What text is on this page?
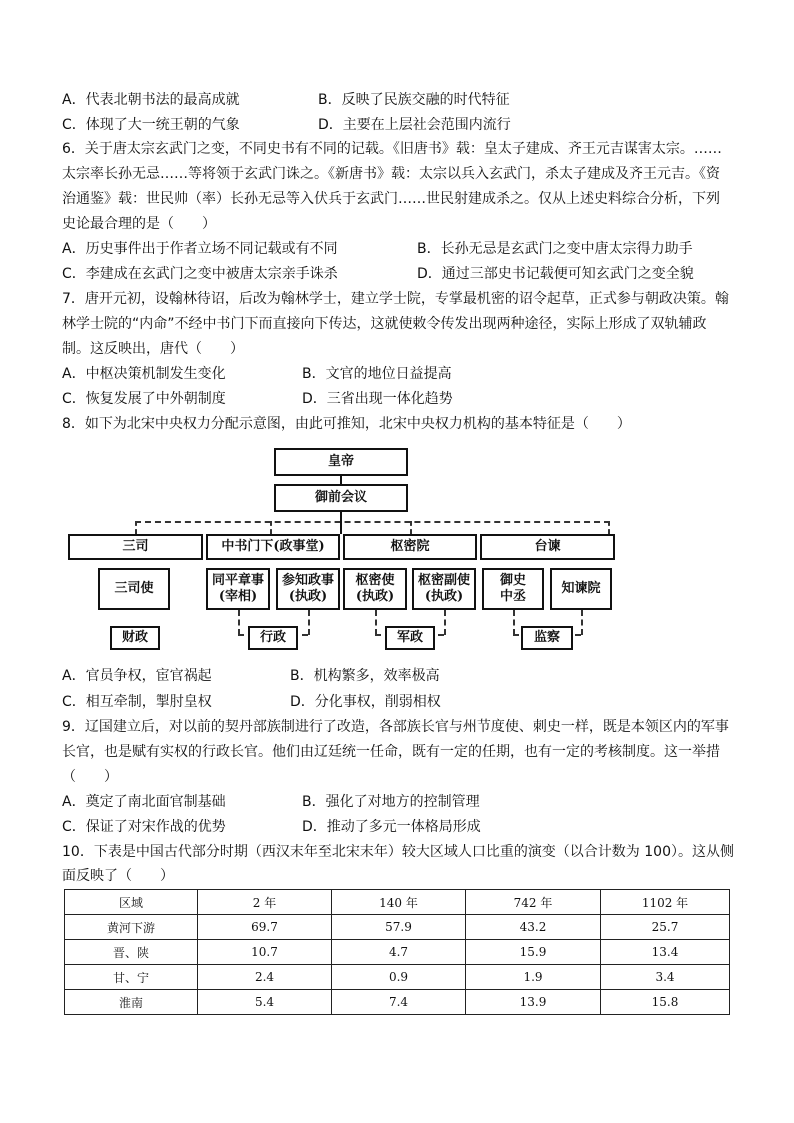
A．代表北朝书法的最高成就	B．反映了民族交融的时代特征
C．体现了大一统王朝的气象	D．主要在上层社会范围内流行
6．关于唐太宗玄武门之变，不同史书有不同的记载。《旧唐书》载：皇太子建成、齐王元吉谋害太宗。……
太宗率长孙无忌……等将领于玄武门诛之。《新唐书》载：太宗以兵入玄武门，杀太子建成及齐王元吉。《资
治通鉴》载：世民帅（率）长孙无忌等入伏兵于玄武门……世民射建成杀之。仅从上述史料综合分析，下列
史论最合理的是（　　）
A．历史事件出于作者立场不同记载或有不同	B．长孙无忌是玄武门之变中唐太宗得力助手
C．李建成在玄武门之变中被唐太宗亲手诛杀	D．通过三部史书记载便可知玄武门之变全貌
7．唐开元初，设翰林待诏，后改为翰林学士，建立学士院，专掌最机密的诏令起草，正式参与朝政决策。翰
林学士院的“内命”不经中书门下而直接向下传达，这就使敕令传发出现两种途径，实际上形成了双轨辅政
制。这反映出，唐代（　　）
A．中枢决策机制发生变化	B．文官的地位日益提高
C．恢复发展了中外朝制度	D．三省出现一体化趋势
8．如下为北宋中央权力分配示意图，由此可推知，北宋中央权力机构的基本特征是（　　）
皇帝
御前会议
三司	中书门下(政事堂)	枢密院	台谏
三司使
同平章事
(宰相)
参知政事
(执政)
枢密使
(执政)
枢密副使
(执政)
御史
中丞
知谏院
财政	行政	军政	监察
A．官员争权，宦官祸起	B．机构繁多，效率极高
C．相互牵制，掣肘皇权	D．分化事权，削弱相权
9．辽国建立后，对以前的契丹部族制进行了改造，各部族长官与州节度使、刺史一样，既是本领区内的军事
长官，也是赋有实权的行政长官。他们由辽廷统一任命，既有一定的任期，也有一定的考核制度。这一举措
（　　）
A．奠定了南北面官制基础	B．强化了对地方的控制管理
C．保证了对宋作战的优势	D．推动了多元一体格局形成
10．下表是中国古代部分时期（西汉末年至北宋末年）较大区域人口比重的演变（以合计数为 100）。这从侧
面反映了（　　）
区域	2 年	140 年	742 年	1102 年
黄河下游	69.7	57.9	43.2	25.7
晋、陕	10.7	4.7	15.9	13.4
甘、宁	2.4	0.9	1.9	3.4
淮南	5.4	7.4	13.9	15.8
